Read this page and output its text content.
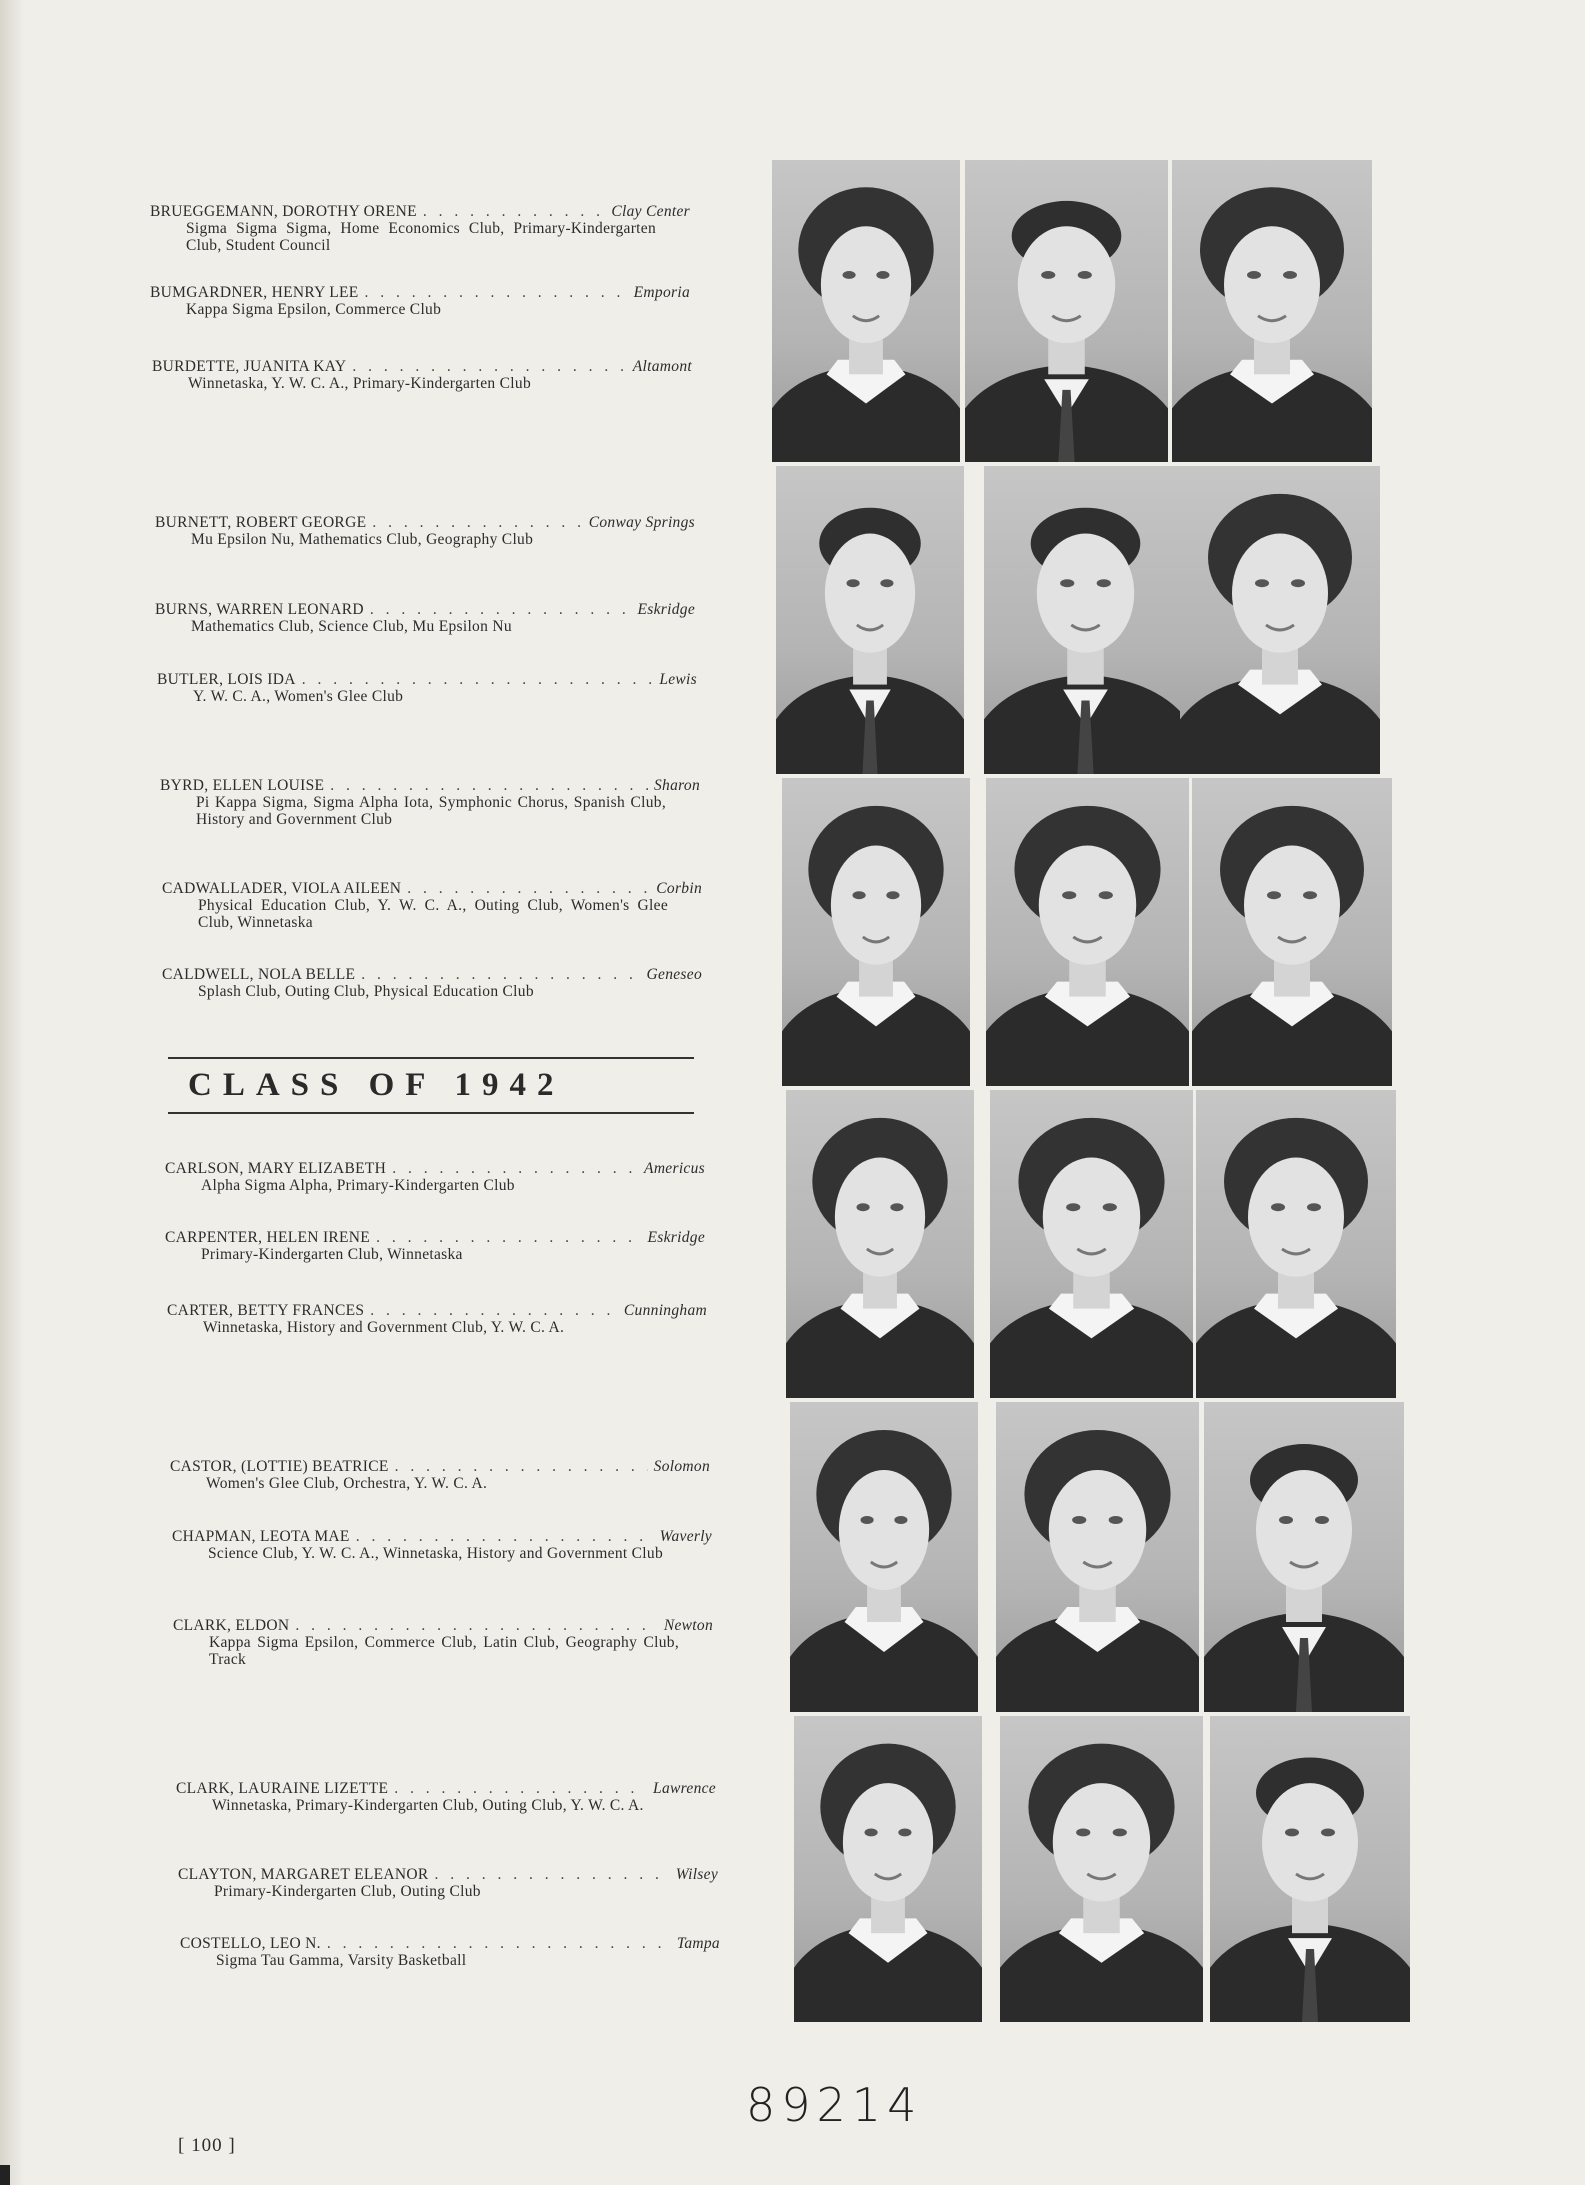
BRUEGGEMANN, DOROTHY ORENE . . .	Clay Center
Sigma Sigma Sigma, Home Economics Club, Primary-Kindergarten Club, Student Council
BUMGARDNER, HENRY LEE . . .	Emporia
Kappa Sigma Epsilon, Commerce Club
BURDETTE, JUANITA KAY . . .	Altamont
Winnetaska, Y. W. C. A., Primary-Kindergarten Club
BURNETT, ROBERT GEORGE . . .	Conway Springs
Mu Epsilon Nu, Mathematics Club, Geography Club
BURNS, WARREN LEONARD . . .	Eskridge
Mathematics Club, Science Club, Mu Epsilon Nu
BUTLER, LOIS IDA . . .	Lewis
Y. W. C. A., Women's Glee Club
BYRD, ELLEN LOUISE . . .	Sharon
Pi Kappa Sigma, Sigma Alpha Iota, Symphonic Chorus, Spanish Club, History and Government Club
CADWALLADER, VIOLA AILEEN . . .	Corbin
Physical Education Club, Y. W. C. A., Outing Club, Women's Glee Club, Winnetaska
CALDWELL, NOLA BELLE . . .	Geneseo
Splash Club, Outing Club, Physical Education Club
CARLSON, MARY ELIZABETH . . .	Americus
Alpha Sigma Alpha, Primary-Kindergarten Club
CARPENTER, HELEN IRENE . . .	Eskridge
Primary-Kindergarten Club, Winnetaska
CARTER, BETTY FRANCES . . .	Cunningham
Winnetaska, History and Government Club, Y. W. C. A.
CASTOR, (LOTTIE) BEATRICE . . .	Solomon
Women's Glee Club, Orchestra, Y. W. C. A.
CHAPMAN, LEOTA MAE . . .	Waverly
Science Club, Y. W. C. A., Winnetaska, History and Government Club
CLARK, ELDON . . .	Newton
Kappa Sigma Epsilon, Commerce Club, Latin Club, Geography Club, Track
CLARK, LAURAINE LIZETTE . . .	Lawrence
Winnetaska, Primary-Kindergarten Club, Outing Club, Y. W. C. A.
CLAYTON, MARGARET ELEANOR . . .	Wilsey
Primary-Kindergarten Club, Outing Club
COSTELLO, LEO N. . . .	Tampa
Sigma Tau Gamma, Varsity Basketball
CLASS OF 1942
[ 100 ]
89214
